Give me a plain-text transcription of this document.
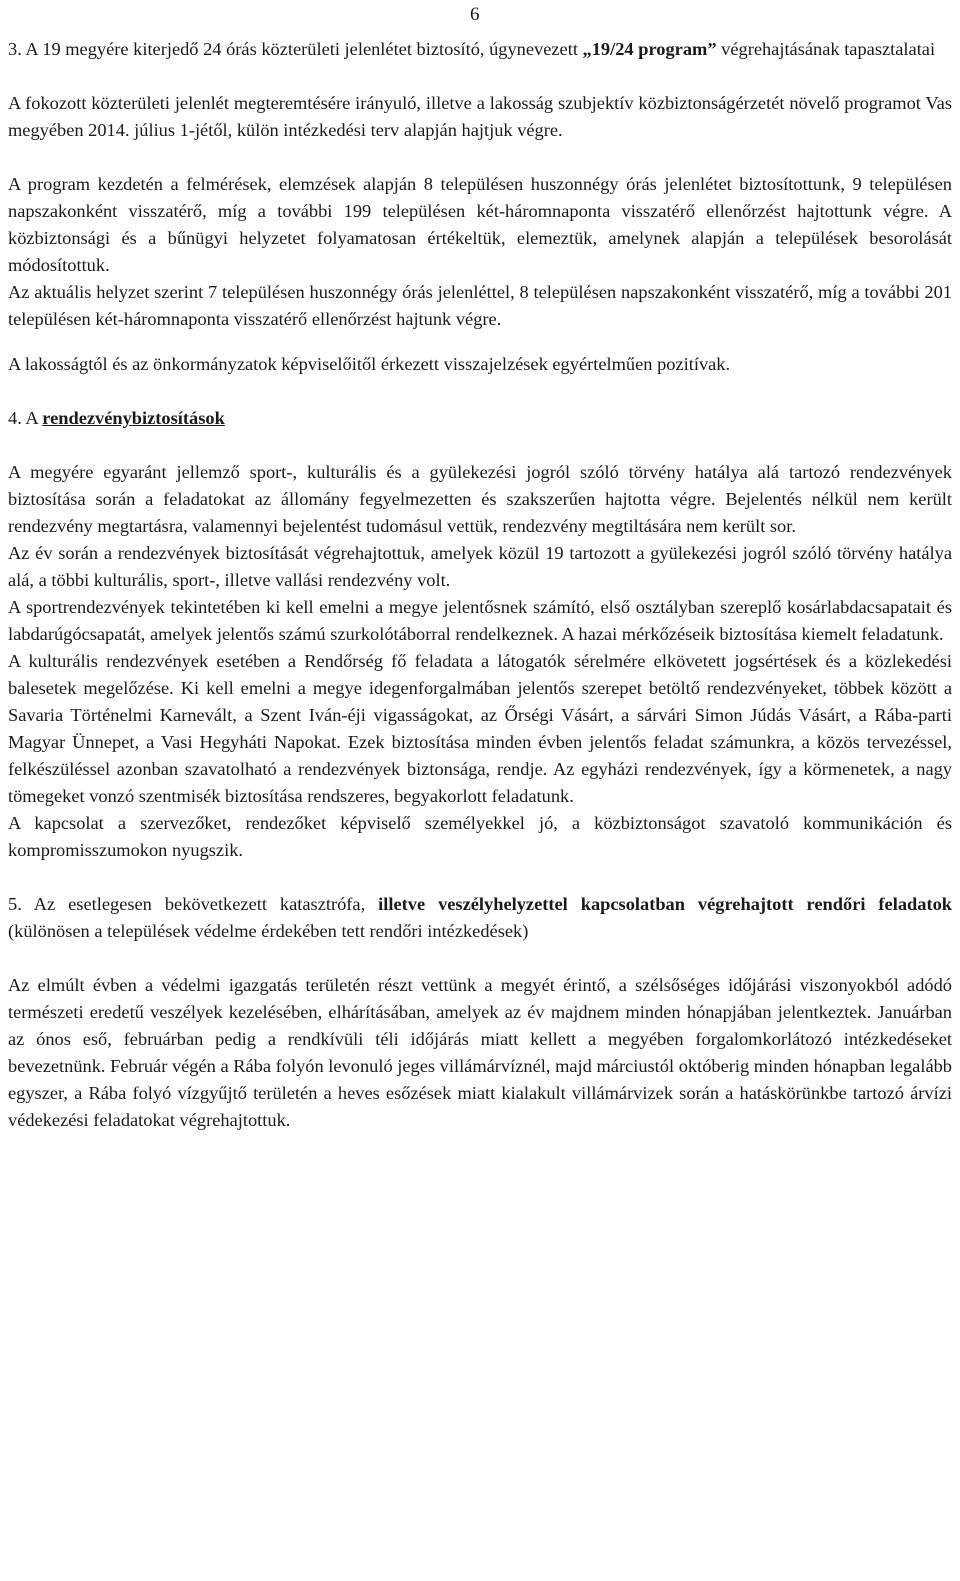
6

3. A 19 megyére kiterjedő 24 órás közterületi jelenlétet biztosító, úgynevezett „19/24 program” végrehajtásának tapasztalatai

A fokozott közterületi jelenlét megteremtésére irányuló, illetve a lakosság szubjektív közbiztonságérzetét növelő programot Vas megyében 2014. július 1-jétől, külön intézkedési terv alapján hajtjuk végre.

A program kezdetén a felmérések, elemzések alapján 8 településen huszonnégy órás jelenlétet biztosítottunk, 9 településen napszakonként visszatérő, míg a további 199 településen két-háromnaponta visszatérő ellenőrzést hajtottunk végre. A közbiztonsági és a bűnügyi helyzetet folyamatosan értékeltük, elemeztük, amelynek alapján a települések besorolását módosítottuk.

Az aktuális helyzet szerint 7 településen huszonnégy órás jelenléttel, 8 településen napszakonként visszatérő, míg a további 201 településen két-háromnaponta visszatérő ellenőrzést hajtunk végre.

A lakosságtól és az önkormányzatok képviselőitől érkezett visszajelzések egyértelműen pozitívak.

4. A rendezvénybiztosítások

A megyére egyaránt jellemző sport-, kulturális és a gyülekezési jogról szóló törvény hatálya alá tartozó rendezvények biztosítása során a feladatokat az állomány fegyelmezetten és szakszerűen hajtotta végre. Bejelentés nélkül nem került rendezvény megtartásra, valamennyi bejelentést tudomásul vettük, rendezvény megtiltására nem került sor.

Az év során a rendezvények biztosítását végrehajtottuk, amelyek közül 19 tartozott a gyülekezési jogról szóló törvény hatálya alá, a többi kulturális, sport-, illetve vallási rendezvény volt.

A sportrendezvények tekintetében ki kell emelni a megye jelentősnek számító, első osztályban szereplő kosárlabdacsapatait és labdarúgócsapatát, amelyek jelentős számú szurkolótáborral rendelkeznek. A hazai mérkőzéseik biztosítása kiemelt feladatunk.

A kulturális rendezvények esetében a Rendőrség fő feladata a látogatók sérelmére elkövetett jogsértések és a közlekedési balesetek megelőzése. Ki kell emelni a megye idegenforgalmában jelentős szerepet betöltő rendezvényeket, többek között a Savaria Történelmi Karnevált, a Szent Iván-éji vigasságokat, az Őrségi Vásárt, a sárvári Simon Júdás Vásárt, a Rába-parti Magyar Ünnepet, a Vasi Hegyháti Napokat. Ezek biztosítása minden évben jelentős feladat számunkra, a közös tervezéssel, felkészüléssel azonban szavatolható a rendezvények biztonsága, rendje. Az egyházi rendezvények, így a körmenetek, a nagy tömegeket vonzó szentmisék biztosítása rendszeres, begyakorlott feladatunk.

A kapcsolat a szervezőket, rendezőket képviselő személyekkel jó, a közbiztonságot szavatoló kommunikáción és kompromisszumokon nyugszik.

5. Az esetlegesen bekövetkezett katasztrófa, illetve veszélyhelyzettel kapcsolatban végrehajtott rendőri feladatok (különösen a települések védelme érdekében tett rendőri intézkedések)

Az elmúlt évben a védelmi igazgatás területén részt vettünk a megyét érintő, a szélsőséges időjárási viszonyokból adódó természeti eredetű veszélyek kezelésében, elhárításában, amelyek az év majdnem minden hónapjában jelentkeztek. Januárban az ónos eső, februárban pedig a rendkívüli téli időjárás miatt kellett a megyében forgalomkorlátozó intézkedéseket bevezetnünk. Február végén a Rába folyón levonuló jeges villámárvíznél, majd márciustól októberig minden hónapban legalább egyszer, a Rába folyó vízgyűjtő területén a heves esőzések miatt kialakult villámárvizek során a hatáskörünkbe tartozó árvízi védekezési feladatokat végrehajtottuk.
